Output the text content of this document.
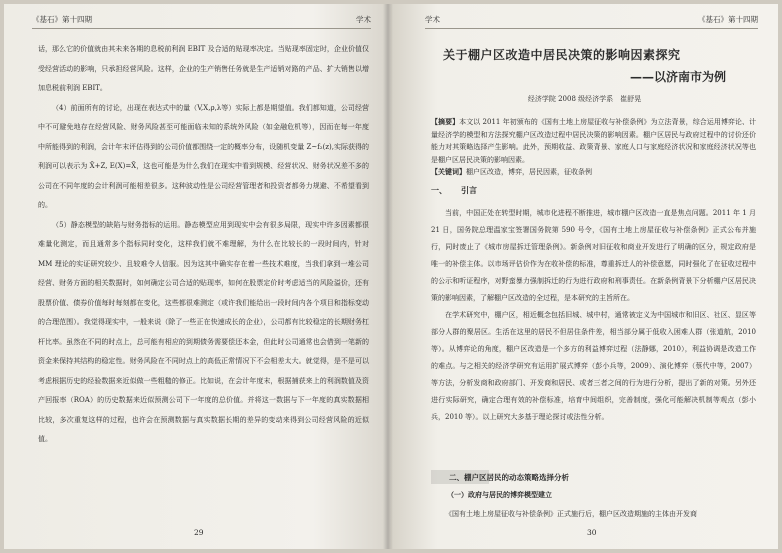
《基石》第十四期	学术

话，那么它的价值就由其未来各期的息税前利润 EBIT 及合适的贴现率决定。当贴现率固定时，企业价值仅受经营活动的影响，只承担经营风险。这样，企业的生产销售任务就是生产适销对路的产品、扩大销售以增加息税前利润 EBIT。

（4）前面所有的讨论，出现在表达式中的量（V,X,ρ,λ等）实际上都是期望值。我们都知道，公司经营中不可避免地存在经营风险、财务风险甚至可能面临未知的系统外风险（如金融危机等），因而在每一年度中所能得到的利润，会计年末评估得到的公司价值都围绕一定的概率分布，设随机变量 Z~f₂(z),实际获得的利润可以表示为 X̄+Z, E(X)=X̄，这也可能是为什么我们在现实中看到规模、经营状况、财务状况差不多的公司在不同年度的会计利润可能相差很多。这种波动性是公司经营管理者和投资者都务力规避、不希望看到的。

（5）静态模型的缺陷与财务指标的运用。静态模型应用到现实中会有很多局限，现实中许多因素都很难量化测定，而且通常多个指标同时变化，这样我们就不难理解，为什么在比较长的一段时间内，针对 MM 理论的实证研究较少、且较难令人信服。因为这其中确实存在着一些技术难度，当我们拿到一堆公司经营、财务方面的相关数据时，如何确定公司合适的贴现率，如何在股票定价时考虑适当的风险溢价，还有股票价值、债券价值每时每刻都在变化，这些都很难测定（或许我们能给出一段时间内各个项目和指标变动的合理范围）。我觉得现实中，一般来说（除了一些正在快速成长的企业），公司都有比较稳定的长期财务杠杆比率。虽然在不同的时点上，总可能有相应的到期债务需要偿还本金，但此时公司通常也会借到一笔新的资金来保持其结构的稳定性。财务风险在不同时点上的高低正常情况下不会相差太大。就觉得，是不是可以考虑根据历史的经验数据来近似做一些粗糙的修正。比如说，在会计年度末，根据捕获来上的利润数值及资产回报率（ROA）的历史数据来近似预测公司下一年度的总价值。并将这一数据与下一年度的真实数据相比较，多次重复这样的过程，也许会在预测数据与真实数据长期的差异的变动来得到公司经营风险的近似值。

29
学术	《基石》第十四期
关于棚户区改造中居民决策的影响因素探究
——以济南市为例
经济学院 2008 级经济学系　崔舒晃

【摘要】本文以 2011 年初颁布的《国有土地上房屋征收与补偿条例》为立法背景，综合运用博弈论、计量经济学的模型和方法探究棚户区改造过程中居民决策的影响因素。棚户区居民与政府过程中的讨价还价能力对其策略选择产生影响。此外，预期收益、政策背景、家庭人口与家庭经济状况和家庭经济状况等也是棚户区居民决策的影响因素。

【关键词】棚户区改造，博弈，居民因素，征收条例

一、 引言

当前，中国正处在转型时期，城市化进程不断推进，城市棚户区改造一直是焦点问题。2011 年 1 月 21 日，国务院总理温家宝签署国务院第 590 号令，《国有土地上房屋征收与补偿条例》正式公布并施行，同时废止了《城市房屋拆迁管理条例》。新条例对旧征收和商业开发进行了明确的区分，规定政府是唯一的补偿主体。以市场评估价作为在收补偿的标准，尊重拆迁人的补偿意愿，同时强化了在征收过程中的公示和听证程序，对野蛮暴力强制拆迁的行为进行政府和刑事责任。在新条例背景下分析棚户区居民决策的影响因素，了解棚户区改造的全过程，是本研究的主旨所在。

在学术研究中，棚户区，相近概念包括旧城、城中村，通常被定义为中国城市和旧区、社区、显区等部分人群的聚居区。生活在这里的居民不但居住条件差，相当部分属于低收入困难人群（张道航，2010 等）。从博弈论的角度，棚户区改造是一个多方的利益博弈过程（法静娜，2010），利益协调是改造工作的难点。与之相关的经济学研究有运用扩展式博弈（彭小兵等，2009）、演化博弈（蔡代中等，2007）等方法，分析发商和政府部门、开发商和居民、或者三者之间的行为进行分析，提出了新的对策。另外还进行实际研究，确定合理有效的补偿标准，培育中间组织，完善制度，强化可能解决机制等观点（彭小兵，2010 等）。以上研究大多基于理论探讨或法性分析。

二、棚户区居民的动态策略选择分析
（一）政府与居民的博弈模型建立
《国有土地上房屋征收与补偿条例》正式施行后，棚户区改造期施的主体由开发商
30
